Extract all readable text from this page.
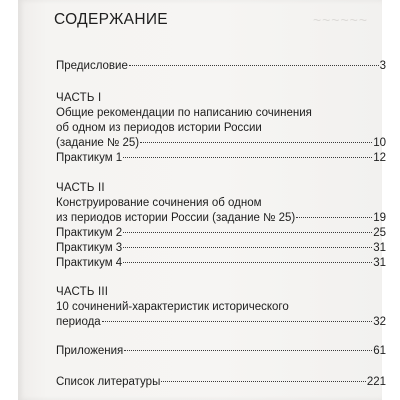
~~~~~~
СОДЕРЖАНИЕ
Предисловие	3
ЧАСТЬ I
Общие рекомендации по написанию сочинения
об одном из периодов истории России
(задание № 25)	10
Практикум 1	12
ЧАСТЬ II
Конструирование сочинения об одном
из периодов истории России (задание № 25)	19
Практикум 2	25
Практикум 3	31
Практикум 4	31
ЧАСТЬ III
10 сочинений-характеристик исторического
периода	32
Приложения	61
Список литературы	221
